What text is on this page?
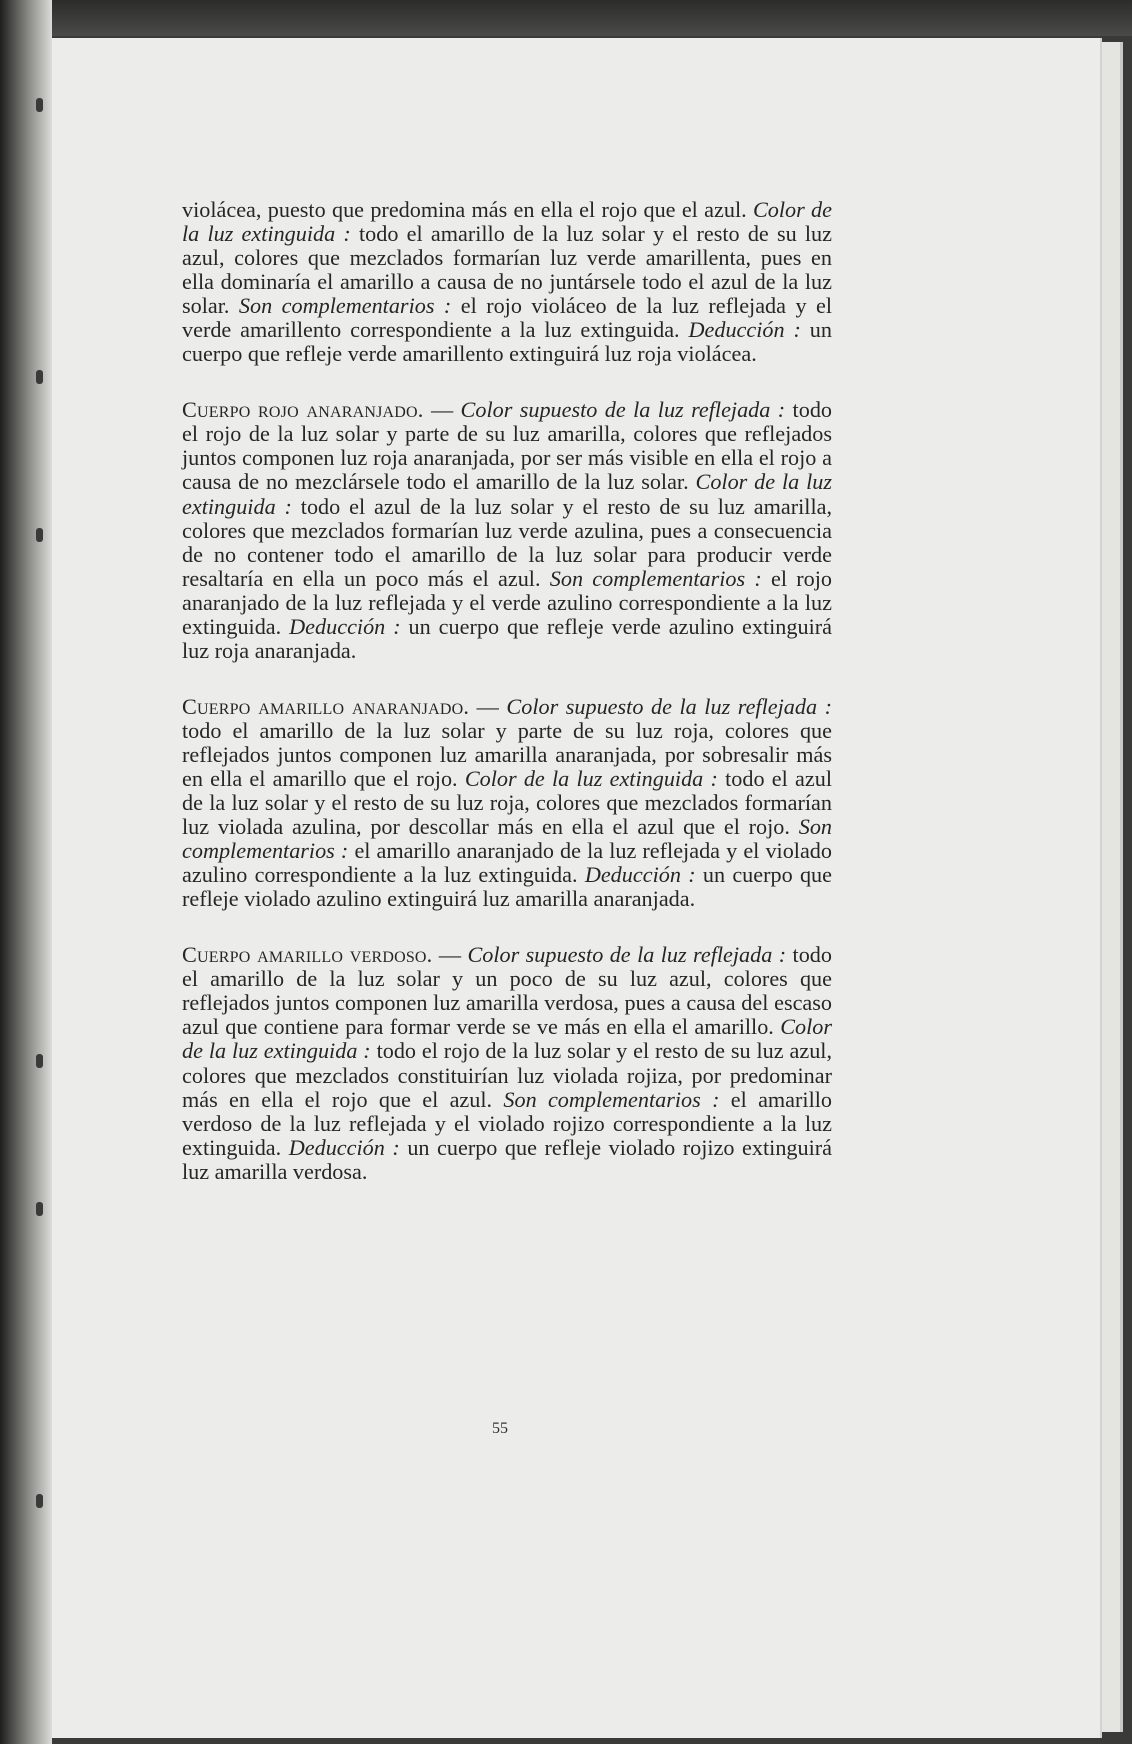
violácea, puesto que predomina más en ella el rojo que el azul. Color de la luz extinguida : todo el amarillo de la luz solar y el resto de su luz azul, colores que mezclados formarían luz verde amarillenta, pues en ella dominaría el amarillo a causa de no juntársele todo el azul de la luz solar. Son complementarios : el rojo violáceo de la luz reflejada y el verde amarillento correspondiente a la luz extinguida. Deducción : un cuerpo que refleje verde amarillento extinguirá luz roja violácea.

Cuerpo rojo anaranjado. — Color supuesto de la luz reflejada : todo el rojo de la luz solar y parte de su luz amarilla, colores que reflejados juntos componen luz roja anaranjada, por ser más visible en ella el rojo a causa de no mezclársele todo el amarillo de la luz solar. Color de la luz extinguida : todo el azul de la luz solar y el resto de su luz amarilla, colores que mezclados formarían luz verde azulina, pues a consecuencia de no contener todo el amarillo de la luz solar para producir verde resaltaría en ella un poco más el azul. Son complementarios : el rojo anaranjado de la luz reflejada y el verde azulino correspondiente a la luz extinguida. Deducción : un cuerpo que refleje verde azulino extinguirá luz roja anaranjada.

Cuerpo amarillo anaranjado. — Color supuesto de la luz reflejada : todo el amarillo de la luz solar y parte de su luz roja, colores que reflejados juntos componen luz amarilla anaranjada, por sobresalir más en ella el amarillo que el rojo. Color de la luz extinguida : todo el azul de la luz solar y el resto de su luz roja, colores que mezclados formarían luz violada azulina, por descollar más en ella el azul que el rojo. Son complementarios : el amarillo anaranjado de la luz reflejada y el violado azulino correspondiente a la luz extinguida. Deducción : un cuerpo que refleje violado azulino extinguirá luz amarilla anaranjada.

Cuerpo amarillo verdoso. — Color supuesto de la luz reflejada : todo el amarillo de la luz solar y un poco de su luz azul, colores que reflejados juntos componen luz amarilla verdosa, pues a causa del escaso azul que contiene para formar verde se ve más en ella el amarillo. Color de la luz extinguida : todo el rojo de la luz solar y el resto de su luz azul, colores que mezclados constituirían luz violada rojiza, por predominar más en ella el rojo que el azul. Son complementarios : el amarillo verdoso de la luz reflejada y el violado rojizo correspondiente a la luz extinguida. Deducción : un cuerpo que refleje violado rojizo extinguirá luz amarilla verdosa.

55
